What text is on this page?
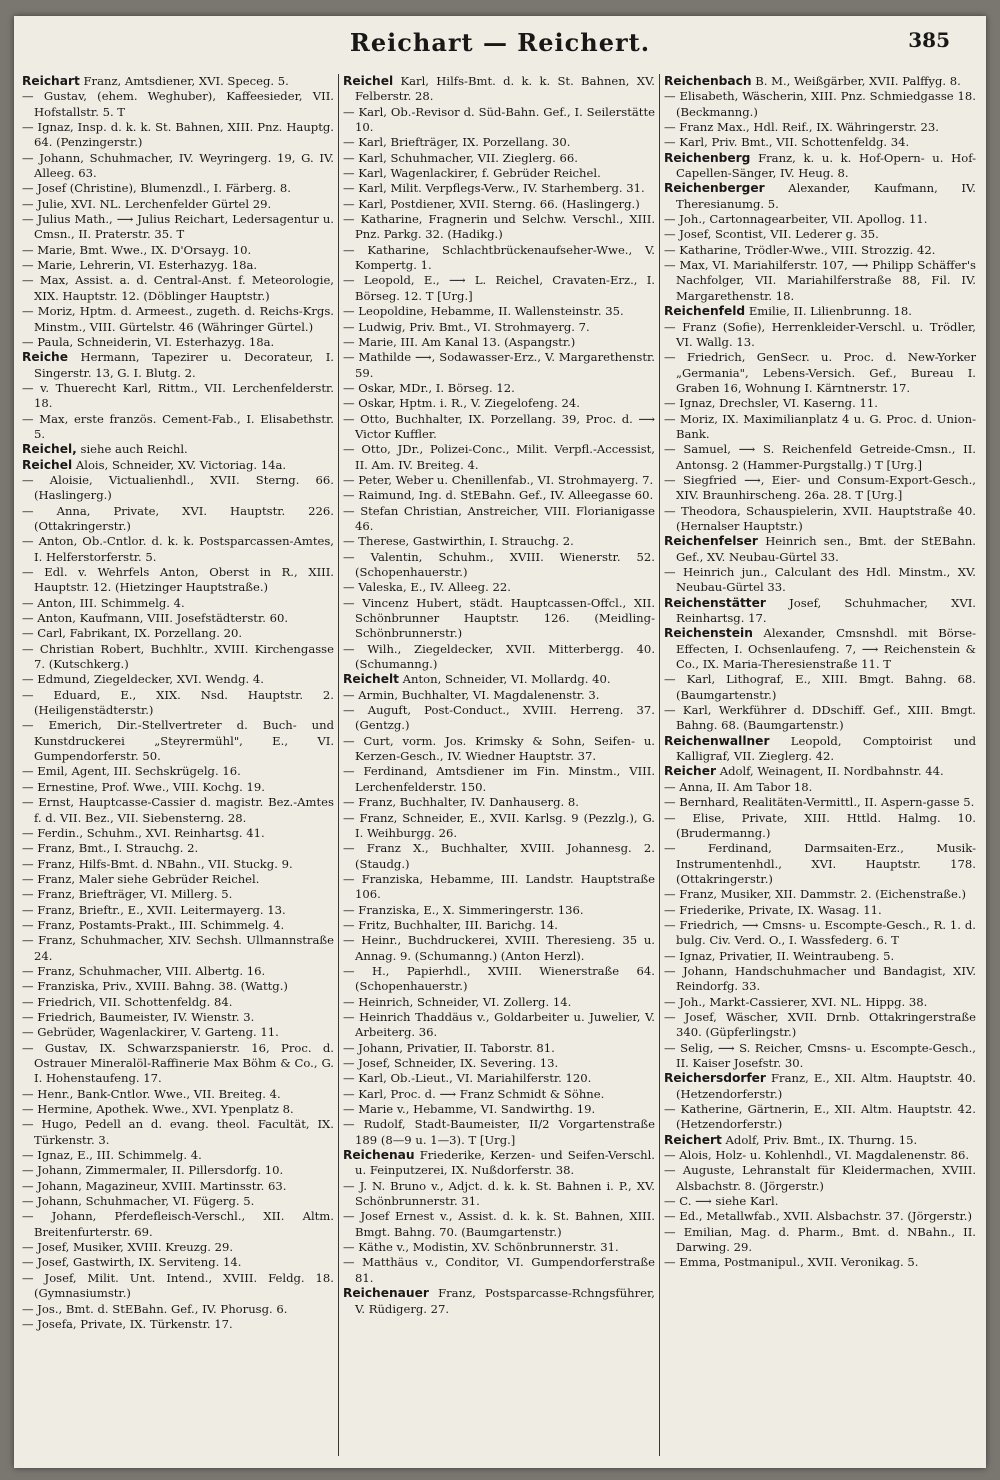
Reichart — Reichert.	385
Reichart Franz, Amtsdiener, XVI. Speceg. 5.
— Gustav, (ehem. Weghuber), Kaffeesieder, VII. Hofstallstr. 5. T
— Ignaz, Insp. d. k. k. St. Bahnen, XIII. Pnz. Hauptg. 64. (Penzingerstr.)
— Johann, Schuhmacher, IV. Weyringerg. 19, G. IV. Alleeg. 63.
— Josef (Christine), Blumenzdl., I. Färberg. 8.
— Julie, XVI. NL. Lerchenfelder Gürtel 29.
— Julius Math., ⟶ Julius Reichart, Ledersagentur u. Cmsn., II. Praterstr. 35. T
— Marie, Bmt. Wwe., IX. D'Orsayg. 10.
— Marie, Lehrerin, VI. Esterhazyg. 18a.
— Max, Assist. a. d. Central-Anst. f. Meteorologie, XIX. Hauptstr. 12. (Döblinger Hauptstr.)
— Moriz, Hptm. d. Armeest., zugeth. d. Reichs-Krgs. Minstm., VIII. Gürtelstr. 46 (Währinger Gürtel.)
— Paula, Schneiderin, VI. Esterhazyg. 18a.
Reiche Hermann, Tapezirer u. Decorateur, I. Singerstr. 13, G. I. Blutg. 2.
— v. Thuerecht Karl, Rittm., VII. Lerchenfelderstr. 18.
— Max, erste französ. Cement-Fab., I. Elisabethstr. 5.
Reichel, siehe auch Reichl.
Reichel Alois, Schneider, XV. Victoriag. 14a.
— Aloisie, Victualienhdl., XVII. Sterng. 66. (Haslingerg.)
— Anna, Private, XVI. Hauptstr. 226. (Ottakringerstr.)
— Anton, Ob.-Cntlor. d. k. k. Postsparcassen-Amtes, I. Helferstorferstr. 5.
— Edl. v. Wehrfels Anton, Oberst in R., XIII. Hauptstr. 12. (Hietzinger Hauptstraße.)
— Anton, III. Schimmelg. 4.
— Anton, Kaufmann, VIII. Josefstädterstr. 60.
— Carl, Fabrikant, IX. Porzellang. 20.
— Christian Robert, Buchhltr., XVIII. Kirchengasse 7. (Kutschkerg.)
— Edmund, Ziegeldecker, XVI. Wendg. 4.
— Eduard, E., XIX. Nsd. Hauptstr. 2. (Heiligenstädterstr.)
— Emerich, Dir.-Stellvertreter d. Buch- und Kunstdruckerei „Steyrermühl", E., VI. Gumpendorferstr. 50.
— Emil, Agent, III. Sechskrügelg. 16.
— Ernestine, Prof. Wwe., VIII. Kochg. 19.
— Ernst, Hauptcasse-Cassier d. magistr. Bez.-Amtes f. d. VII. Bez., VII. Siebensterng. 28.
— Ferdin., Schuhm., XVI. Reinhartsg. 41.
— Franz, Bmt., I. Strauchg. 2.
— Franz, Hilfs-Bmt. d. NBahn., VII. Stuckg. 9.
— Franz, Maler siehe Gebrüder Reichel.
— Franz, Briefträger, VI. Millerg. 5.
— Franz, Brieftr., E., XVII. Leitermayerg. 13.
— Franz, Postamts-Prakt., III. Schimmelg. 4.
— Franz, Schuhmacher, XIV. Sechsh. Ullmannstraße 24.
— Franz, Schuhmacher, VIII. Albertg. 16.
— Franziska, Priv., XVIII. Bahng. 38. (Wattg.)
— Friedrich, VII. Schottenfeldg. 84.
— Friedrich, Baumeister, IV. Wienstr. 3.
— Gebrüder, Wagenlackirer, V. Garteng. 11.
— Gustav, IX. Schwarzspanierstr. 16, Proc. d. Ostrauer Mineralöl-Raffinerie Max Böhm & Co., G. I. Hohenstaufeng. 17.
— Henr., Bank-Cntlor. Wwe., VII. Breiteg. 4.
— Hermine, Apothek. Wwe., XVI. Ypenplatz 8.
— Hugo, Pedell an d. evang. theol. Facultät, IX. Türkenstr. 3.
— Ignaz, E., III. Schimmelg. 4.
— Johann, Zimmermaler, II. Pillersdorfg. 10.
— Johann, Magazineur, XVIII. Martinsstr. 63.
— Johann, Schuhmacher, VI. Fügerg. 5.
— Johann, Pferdefleisch-Verschl., XII. Altm. Breitenfurterstr. 69.
— Josef, Musiker, XVIII. Kreuzg. 29.
— Josef, Gastwirth, IX. Serviteng. 14.
— Josef, Milit. Unt. Intend., XVIII. Feldg. 18. (Gymnasiumstr.)
— Jos., Bmt. d. StEBahn. Gef., IV. Phorusg. 6.
— Josefa, Private, IX. Türkenstr. 17.
Reichel Karl, Hilfs-Bmt. d. k. k. St. Bahnen, XV. Felberstr. 28.
— Karl, Ob.-Revisor d. Süd-Bahn. Gef., I. Seilerstätte 10.
— Karl, Briefträger, IX. Porzellang. 30.
— Karl, Schuhmacher, VII. Zieglerg. 66.
— Karl, Wagenlackirer, f. Gebrüder Reichel.
— Karl, Milit. Verpflegs-Verw., IV. Starhemberg. 31.
— Karl, Postdiener, XVII. Sterng. 66. (Haslingerg.)
— Katharine, Fragnerin und Selchw. Verschl., XIII. Pnz. Parkg. 32. (Hadikg.)
— Katharine, Schlachtbrückenaufseher-Wwe., V. Kompertg. 1.
— Leopold, E., ⟶ L. Reichel, Cravaten-Erz., I. Börseg. 12. T [Urg.]
— Leopoldine, Hebamme, II. Wallensteinstr. 35.
— Ludwig, Priv. Bmt., VI. Strohmayerg. 7.
— Marie, III. Am Kanal 13. (Aspangstr.)
— Mathilde ⟶, Sodawasser-Erz., V. Margarethenstr. 59.
— Oskar, MDr., I. Börseg. 12.
— Oskar, Hptm. i. R., V. Ziegelofeng. 24.
— Otto, Buchhalter, IX. Porzellang. 39, Proc. d. ⟶ Victor Kuffler.
— Otto, JDr., Polizei-Conc., Milit. Verpfl.-Accessist, II. Am. IV. Breiteg. 4.
— Peter, Weber u. Chenillenfab., VI. Strohmayerg. 7.
— Raimund, Ing. d. StEBahn. Gef., IV. Alleegasse 60.
— Stefan Christian, Anstreicher, VIII. Florianigasse 46.
— Therese, Gastwirthin, I. Strauchg. 2.
— Valentin, Schuhm., XVIII. Wienerstr. 52. (Schopenhauerstr.)
— Valeska, E., IV. Alleeg. 22.
— Vincenz Hubert, städt. Hauptcassen-Offcl., XII. Schönbrunner Hauptstr. 126. (Meidling-Schönbrunnerstr.)
— Wilh., Ziegeldecker, XVII. Mitterbergg. 40. (Schumanng.)
Reichelt Anton, Schneider, VI. Mollardg. 40.
— Armin, Buchhalter, VI. Magdalenenstr. 3.
— Auguft, Post-Conduct., XVIII. Herreng. 37. (Gentzg.)
— Curt, vorm. Jos. Krimsky & Sohn, Seifen- u. Kerzen-Gesch., IV. Wiedner Hauptstr. 37.
— Ferdinand, Amtsdiener im Fin. Minstm., VIII. Lerchenfelderstr. 150.
— Franz, Buchhalter, IV. Danhauserg. 8.
— Franz, Schneider, E., XVII. Karlsg. 9 (Pezzlg.), G. I. Weihburgg. 26.
— Franz X., Buchhalter, XVIII. Johannesg. 2. (Staudg.)
— Franziska, Hebamme, III. Landstr. Hauptstraße 106.
— Franziska, E., X. Simmeringerstr. 136.
— Fritz, Buchhalter, III. Barichg. 14.
— Heinr., Buchdruckerei, XVIII. Theresieng. 35 u. Annag. 9. (Schumanng.) (Anton Herzl).
— H., Papierhdl., XVIII. Wienerstraße 64. (Schopenhauerstr.)
— Heinrich, Schneider, VI. Zollerg. 14.
— Heinrich Thaddäus v., Goldarbeiter u. Juwelier, V. Arbeiterg. 36.
— Johann, Privatier, II. Taborstr. 81.
— Josef, Schneider, IX. Severing. 13.
— Karl, Ob.-Lieut., VI. Mariahilferstr. 120.
— Karl, Proc. d. ⟶ Franz Schmidt & Söhne.
— Marie v., Hebamme, VI. Sandwirthg. 19.
— Rudolf, Stadt-Baumeister, II/2 Vorgartenstraße 189 (8—9 u. 1—3). T [Urg.]
Reichenau Friederike, Kerzen- und Seifen-Verschl. u. Feinputzerei, IX. Nußdorferstr. 38.
— J. N. Bruno v., Adjct. d. k. k. St. Bahnen i. P., XV. Schönbrunnerstr. 31.
— Josef Ernest v., Assist. d. k. k. St. Bahnen, XIII. Bmgt. Bahng. 70. (Baumgartenstr.)
— Käthe v., Modistin, XV. Schönbrunnerstr. 31.
— Matthäus v., Conditor, VI. Gumpendorferstraße 81.
Reichenauer Franz, Postsparcasse-Rchngsführer, V. Rüdigerg. 27.
Reichenbach B. M., Weißgärber, XVII. Palffyg. 8.
— Elisabeth, Wäscherin, XIII. Pnz. Schmiedgasse 18. (Beckmanng.)
— Franz Max., Hdl. Reif., IX. Währingerstr. 23.
— Karl, Priv. Bmt., VII. Schottenfeldg. 34.
Reichenberg Franz, k. u. k. Hof-Opern- u. Hof-Capellen-Sänger, IV. Heug. 8.
Reichenberger Alexander, Kaufmann, IV. Theresianumg. 5.
— Joh., Cartonnagearbeiter, VII. Apollog. 11.
— Josef, Scontist, VII. Lederer g. 35.
— Katharine, Trödler-Wwe., VIII. Strozzig. 42.
— Max, VI. Mariahilferstr. 107, ⟶ Philipp Schäffer's Nachfolger, VII. Mariahilferstraße 88, Fil. IV. Margarethenstr. 18.
Reichenfeld Emilie, II. Lilienbrunng. 18.
— Franz (Sofie), Herrenkleider-Verschl. u. Trödler, VI. Wallg. 13.
— Friedrich, GenSecr. u. Proc. d. New-Yorker „Germania", Lebens-Versich. Gef., Bureau I. Graben 16, Wohnung I. Kärntnerstr. 17.
— Ignaz, Drechsler, VI. Kaserng. 11.
— Moriz, IX. Maximilianplatz 4 u. G. Proc. d. Union-Bank.
— Samuel, ⟶ S. Reichenfeld Getreide-Cmsn., II. Antonsg. 2 (Hammer-Purgstallg.) T [Urg.]
— Siegfried ⟶, Eier- und Consum-Export-Gesch., XIV. Braunhirscheng. 26a. 28. T [Urg.]
— Theodora, Schauspielerin, XVII. Hauptstraße 40. (Hernalser Hauptstr.)
Reichenfelser Heinrich sen., Bmt. der StEBahn. Gef., XV. Neubau-Gürtel 33.
— Heinrich jun., Calculant des Hdl. Minstm., XV. Neubau-Gürtel 33.
Reichenstätter Josef, Schuhmacher, XVI. Reinhartsg. 17.
Reichenstein Alexander, Cmsnshdl. mit Börse-Effecten, I. Ochsenlaufeng. 7, ⟶ Reichenstein & Co., IX. Maria-Theresienstraße 11. T
— Karl, Lithograf, E., XIII. Bmgt. Bahng. 68. (Baumgartenstr.)
— Karl, Werkführer d. DDschiff. Gef., XIII. Bmgt. Bahng. 68. (Baumgartenstr.)
Reichenwallner Leopold, Comptoirist und Kalligraf, VII. Zieglerg. 42.
Reicher Adolf, Weinagent, II. Nordbahnstr. 44.
— Anna, II. Am Tabor 18.
— Bernhard, Realitäten-Vermittl., II. Aspern-gasse 5.
— Elise, Private, XIII. Httld. Halmg. 10. (Brudermanng.)
— Ferdinand, Darmsaiten-Erz., Musik-Instrumentenhdl., XVI. Hauptstr. 178. (Ottakringerstr.)
— Franz, Musiker, XII. Dammstr. 2. (Eichenstraße.)
— Friederike, Private, IX. Wasag. 11.
— Friedrich, ⟶ Cmsns- u. Escompte-Gesch., R. 1. d. bulg. Civ. Verd. O., I. Wassfederg. 6. T
— Ignaz, Privatier, II. Weintraubeng. 5.
— Johann, Handschuhmacher und Bandagist, XIV. Reindorfg. 33.
— Joh., Markt-Cassierer, XVI. NL. Hippg. 38.
— Josef, Wäscher, XVII. Drnb. Ottakringerstraße 340. (Güpferlingstr.)
— Selig, ⟶ S. Reicher, Cmsns- u. Escompte-Gesch., II. Kaiser Josefstr. 30.
Reichersdorfer Franz, E., XII. Altm. Hauptstr. 40. (Hetzendorferstr.)
— Katherine, Gärtnerin, E., XII. Altm. Hauptstr. 42. (Hetzendorferstr.)
Reichert Adolf, Priv. Bmt., IX. Thurng. 15.
— Alois, Holz- u. Kohlenhdl., VI. Magdalenenstr. 86.
— Auguste, Lehranstalt für Kleidermachen, XVIII. Alsbachstr. 8. (Jörgerstr.)
— C. ⟶ siehe Karl.
— Ed., Metallwfab., XVII. Alsbachstr. 37. (Jörgerstr.)
— Emilian, Mag. d. Pharm., Bmt. d. NBahn., II. Darwing. 29.
— Emma, Postmanipul., XVII. Veronikag. 5.
